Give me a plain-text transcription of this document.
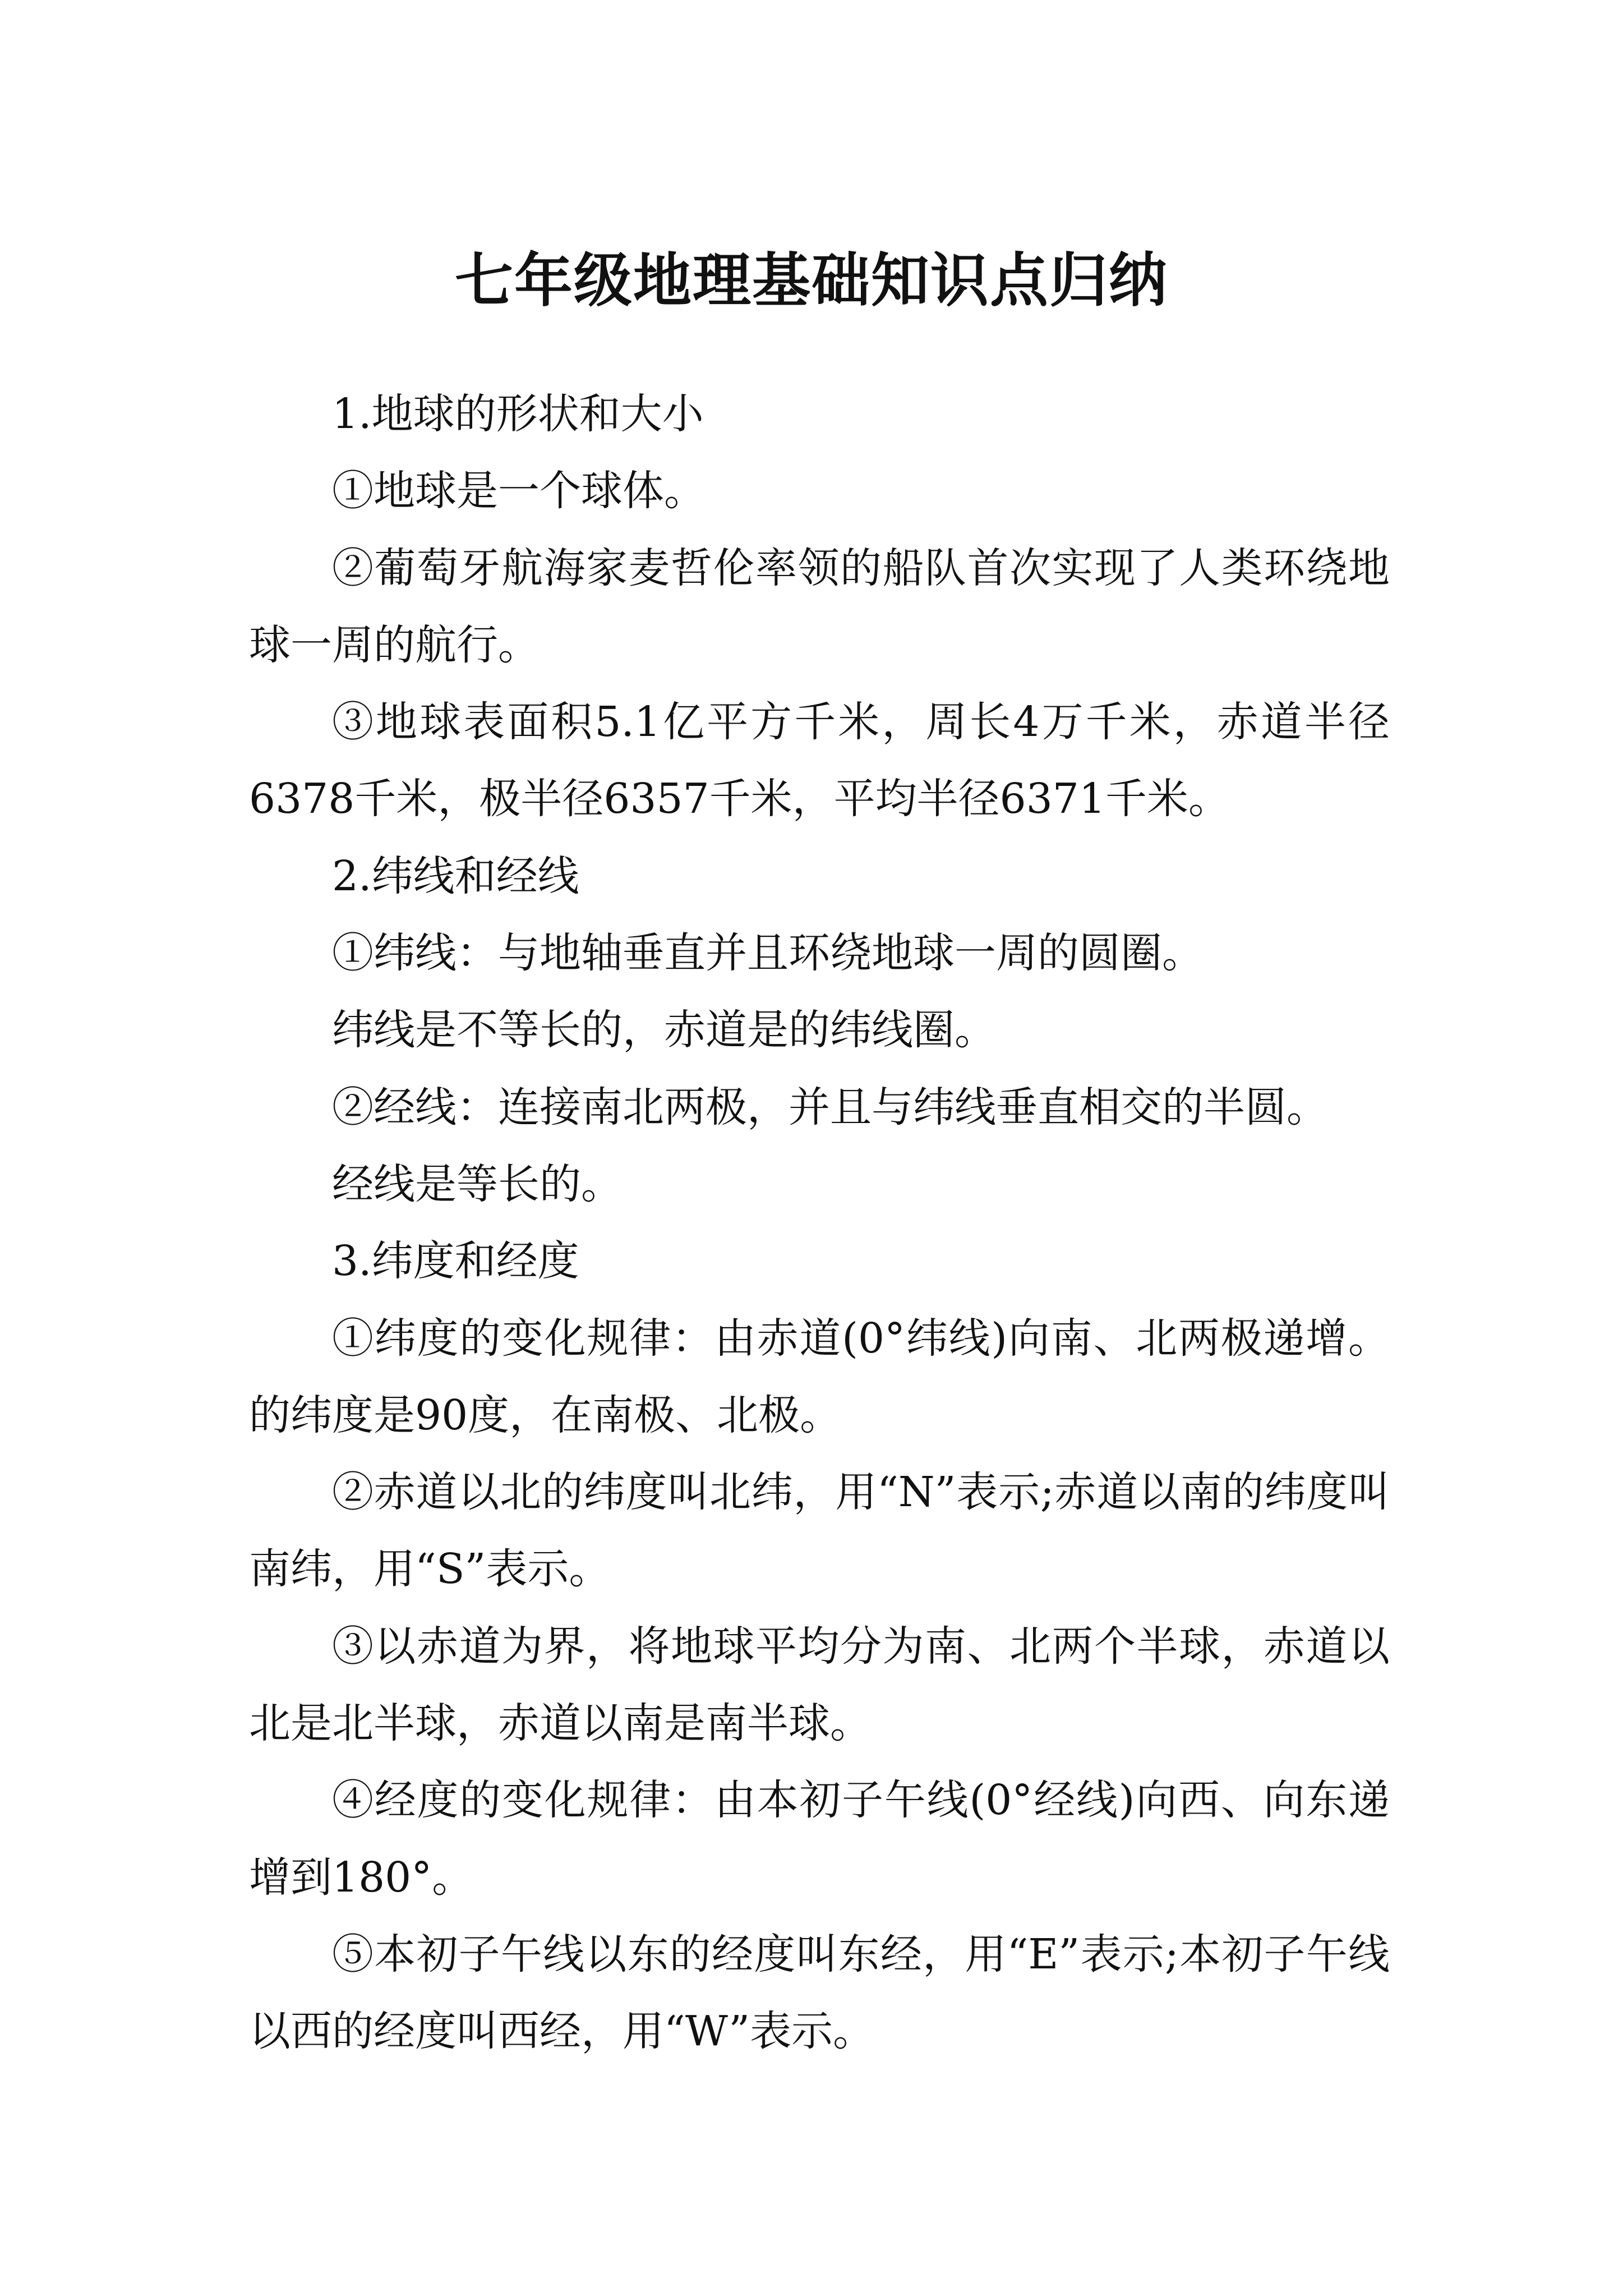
七年级地理基础知识点归纳

1.地球的形状和大小

①地球是一个球体。

②葡萄牙航海家麦哲伦率领的船队首次实现了人类环绕地球一周的航行。

③地球表面积5.1亿平方千米，周长4万千米，赤道半径6378千米，极半径6357千米，平均半径6371千米。

2.纬线和经线

①纬线：与地轴垂直并且环绕地球一周的圆圈。

纬线是不等长的，赤道是的纬线圈。

②经线：连接南北两极，并且与纬线垂直相交的半圆。

经线是等长的。

3.纬度和经度

①纬度的变化规律：由赤道(0°纬线)向南、北两极递增。的纬度是90度，在南极、北极。

②赤道以北的纬度叫北纬，用“N”表示;赤道以南的纬度叫南纬，用“S”表示。

③以赤道为界，将地球平均分为南、北两个半球，赤道以北是北半球，赤道以南是南半球。

④经度的变化规律：由本初子午线(0°经线)向西、向东递增到180°。

⑤本初子午线以东的经度叫东经，用“E”表示;本初子午线以西的经度叫西经，用“W”表示。
